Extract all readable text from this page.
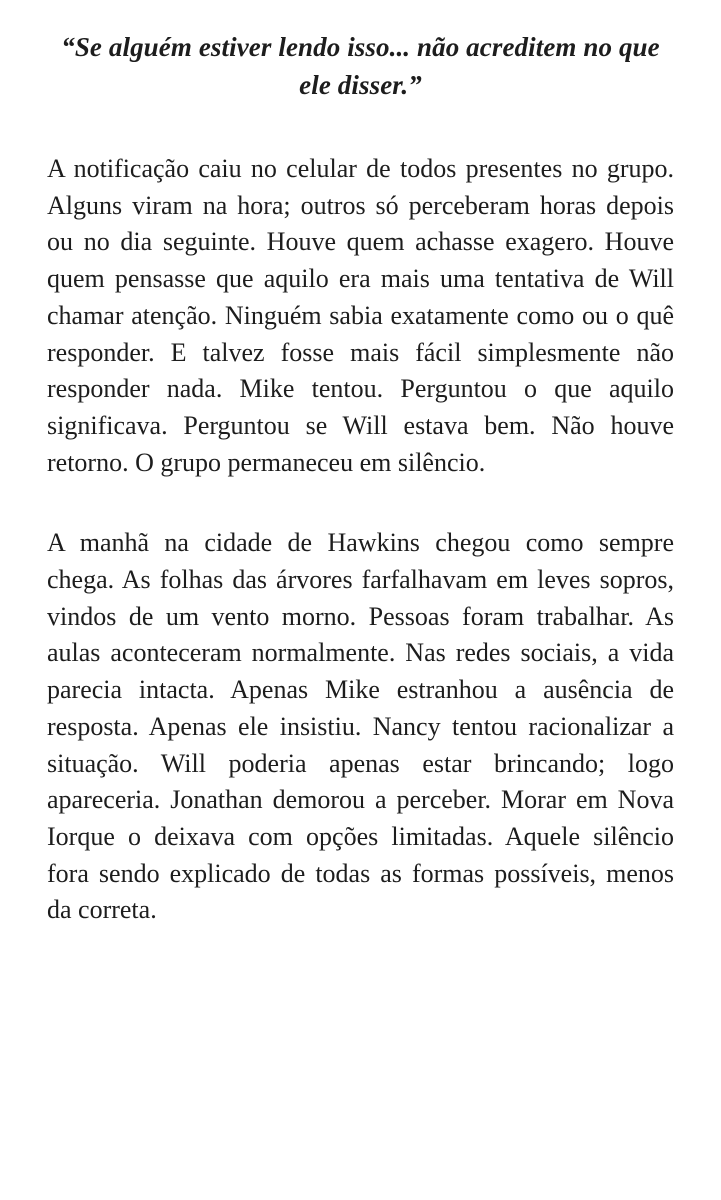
“Se alguém estiver lendo isso... não acreditem no que ele disser.”

A notificação caiu no celular de todos presentes no grupo. Alguns viram na hora; outros só perceberam horas depois ou no dia seguinte. Houve quem achasse exagero. Houve quem pensasse que aquilo era mais uma tentativa de Will chamar atenção. Ninguém sabia exatamente como ou o quê responder. E talvez fosse mais fácil simplesmente não responder nada. Mike tentou. Perguntou o que aquilo significava. Perguntou se Will estava bem. Não houve retorno. O grupo permaneceu em silêncio.

A manhã na cidade de Hawkins chegou como sempre chega. As folhas das árvores farfalhavam em leves sopros, vindos de um vento morno. Pessoas foram trabalhar. As aulas aconteceram normalmente. Nas redes sociais, a vida parecia intacta. Apenas Mike estranhou a ausência de resposta. Apenas ele insistiu. Nancy tentou racionalizar a situação. Will poderia apenas estar brincando; logo apareceria. Jonathan demorou a perceber. Morar em Nova Iorque o deixava com opções limitadas. Aquele silêncio fora sendo explicado de todas as formas possíveis, menos da correta.
